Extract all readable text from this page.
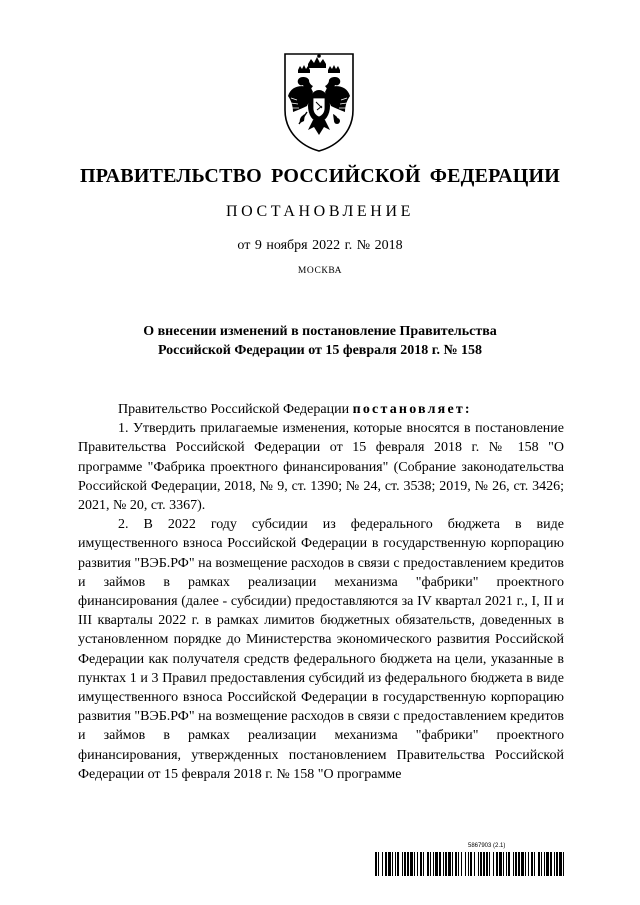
ПРАВИТЕЛЬСТВО РОССИЙСКОЙ ФЕДЕРАЦИИ
ПОСТАНОВЛЕНИЕ
от 9 ноября 2022 г. № 2018
МОСКВА
О внесении изменений в постановление Правительства
Российской Федерации от 15 февраля 2018 г. № 158

Правительство Российской Федерации постановляет:

1. Утвердить прилагаемые изменения, которые вносятся в постановление Правительства Российской Федерации от 15 февраля 2018 г. № 158 "О программе "Фабрика проектного финансирования" (Собрание законодательства Российской Федерации, 2018, № 9, ст. 1390; № 24, ст. 3538; 2019, № 26, ст. 3426; 2021, № 20, ст. 3367).

2. В 2022 году субсидии из федерального бюджета в виде имущественного взноса Российской Федерации в государственную корпорацию развития "ВЭБ.РФ" на возмещение расходов в связи с предоставлением кредитов и займов в рамках реализации механизма "фабрики" проектного финансирования (далее - субсидии) предоставляются за IV квартал 2021 г., I, II и III кварталы 2022 г. в рамках лимитов бюджетных обязательств, доведенных в установленном порядке до Министерства экономического развития Российской Федерации как получателя средств федерального бюджета на цели, указанные в пунктах 1 и 3 Правил предоставления субсидий из федерального бюджета в виде имущественного взноса Российской Федерации в государственную корпорацию развития "ВЭБ.РФ" на возмещение расходов в связи с предоставлением кредитов и займов в рамках реализации механизма "фабрики" проектного финансирования, утвержденных постановлением Правительства Российской Федерации от 15 февраля 2018 г. № 158 "О программе

5867903 (2.1)
